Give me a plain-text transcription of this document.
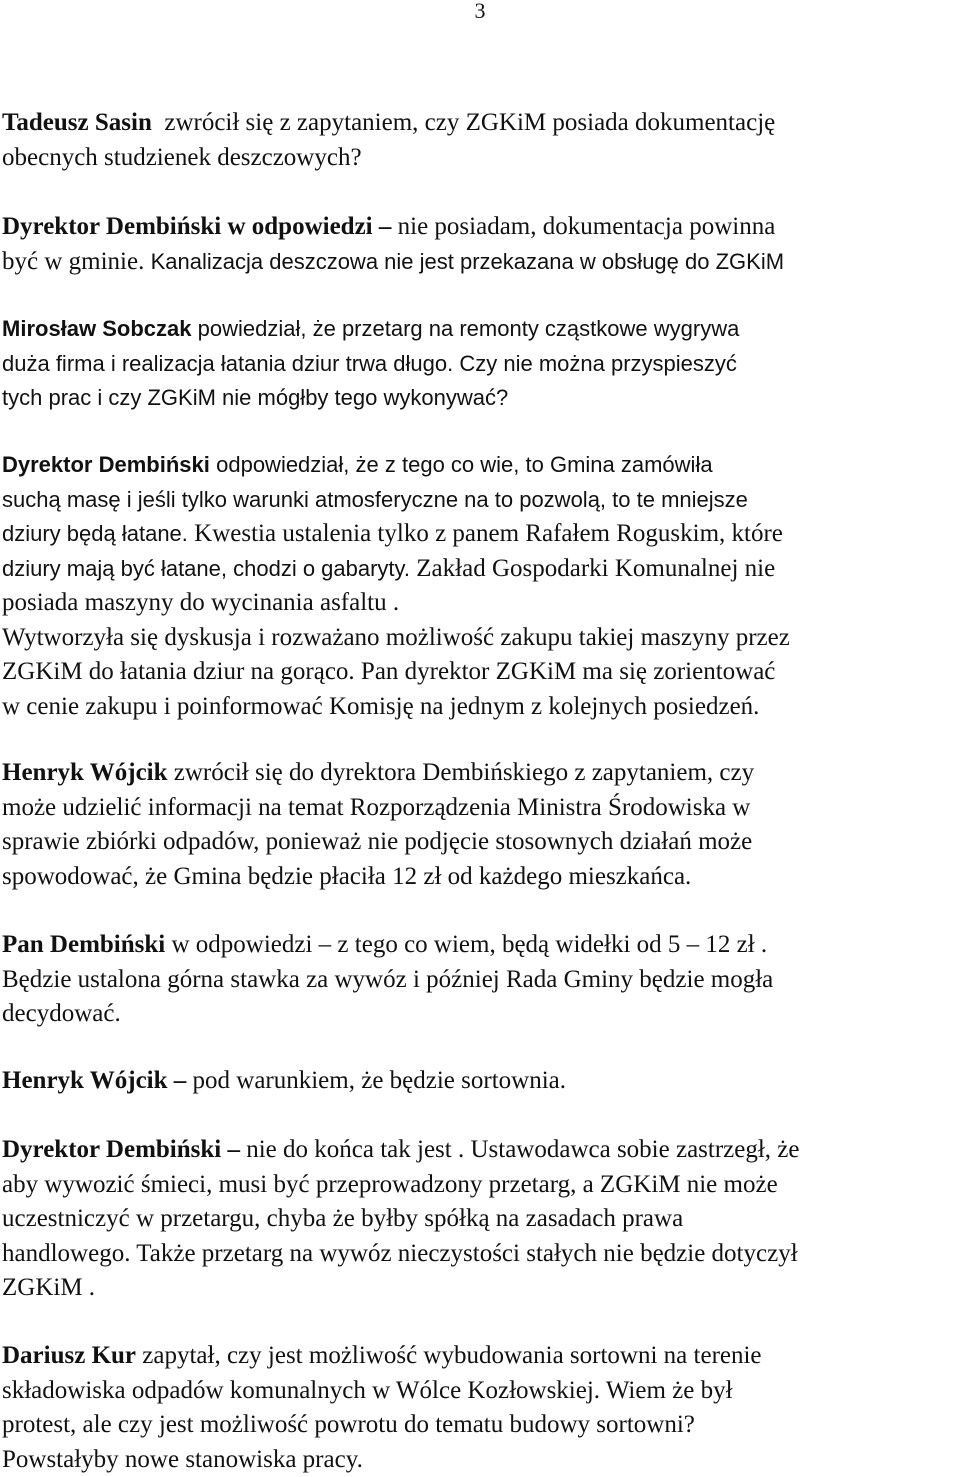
3

Tadeusz Sasin zwrócił się z zapytaniem, czy ZGKiM posiada dokumentację
obecnych studzienek deszczowych?

Dyrektor Dembiński w odpowiedzi – nie posiadam, dokumentacja powinna
być w gminie. Kanalizacja deszczowa nie jest przekazana w obsługę do ZGKiM

Mirosław Sobczak powiedział, że przetarg na remonty cząstkowe wygrywa
duża firma i realizacja łatania dziur trwa długo. Czy nie można przyspieszyć
tych prac i czy ZGKiM nie mógłby tego wykonywać?

Dyrektor Dembiński odpowiedział, że z tego co wie, to Gmina zamówiła
suchą masę i jeśli tylko warunki atmosferyczne na to pozwolą, to te mniejsze
dziury będą łatane. Kwestia ustalenia tylko z panem Rafałem Roguskim, które
dziury mają być łatane, chodzi o gabaryty. Zakład Gospodarki Komunalnej nie
posiada maszyny do wycinania asfaltu .
Wytworzyła się dyskusja i rozważano możliwość zakupu takiej maszyny przez
ZGKiM do łatania dziur na gorąco. Pan dyrektor ZGKiM ma się zorientować
w cenie zakupu i poinformować Komisję na jednym z kolejnych posiedzeń.

Henryk Wójcik zwrócił się do dyrektora Dembińskiego z zapytaniem, czy
może udzielić informacji na temat Rozporządzenia Ministra Środowiska w
sprawie zbiórki odpadów, ponieważ nie podjęcie stosownych działań może
spowodować, że Gmina będzie płaciła 12 zł od każdego mieszkańca.

Pan Dembiński w odpowiedzi – z tego co wiem, będą widełki od 5 – 12 zł .
Będzie ustalona górna stawka za wywóz i później Rada Gminy będzie mogła
decydować.

Henryk Wójcik – pod warunkiem, że będzie sortownia.

Dyrektor Dembiński – nie do końca tak jest . Ustawodawca sobie zastrzegł, że
aby wywozić śmieci, musi być przeprowadzony przetarg, a ZGKiM nie może
uczestniczyć w przetargu, chyba że byłby spółką na zasadach prawa
handlowego. Także przetarg na wywóz nieczystości stałych nie będzie dotyczył
ZGKiM .

Dariusz Kur zapytał, czy jest możliwość wybudowania sortowni na terenie
składowiska odpadów komunalnych w Wólce Kozłowskiej. Wiem że był
protest, ale czy jest możliwość powrotu do tematu budowy sortowni?
Powstałyby nowe stanowiska pracy.
